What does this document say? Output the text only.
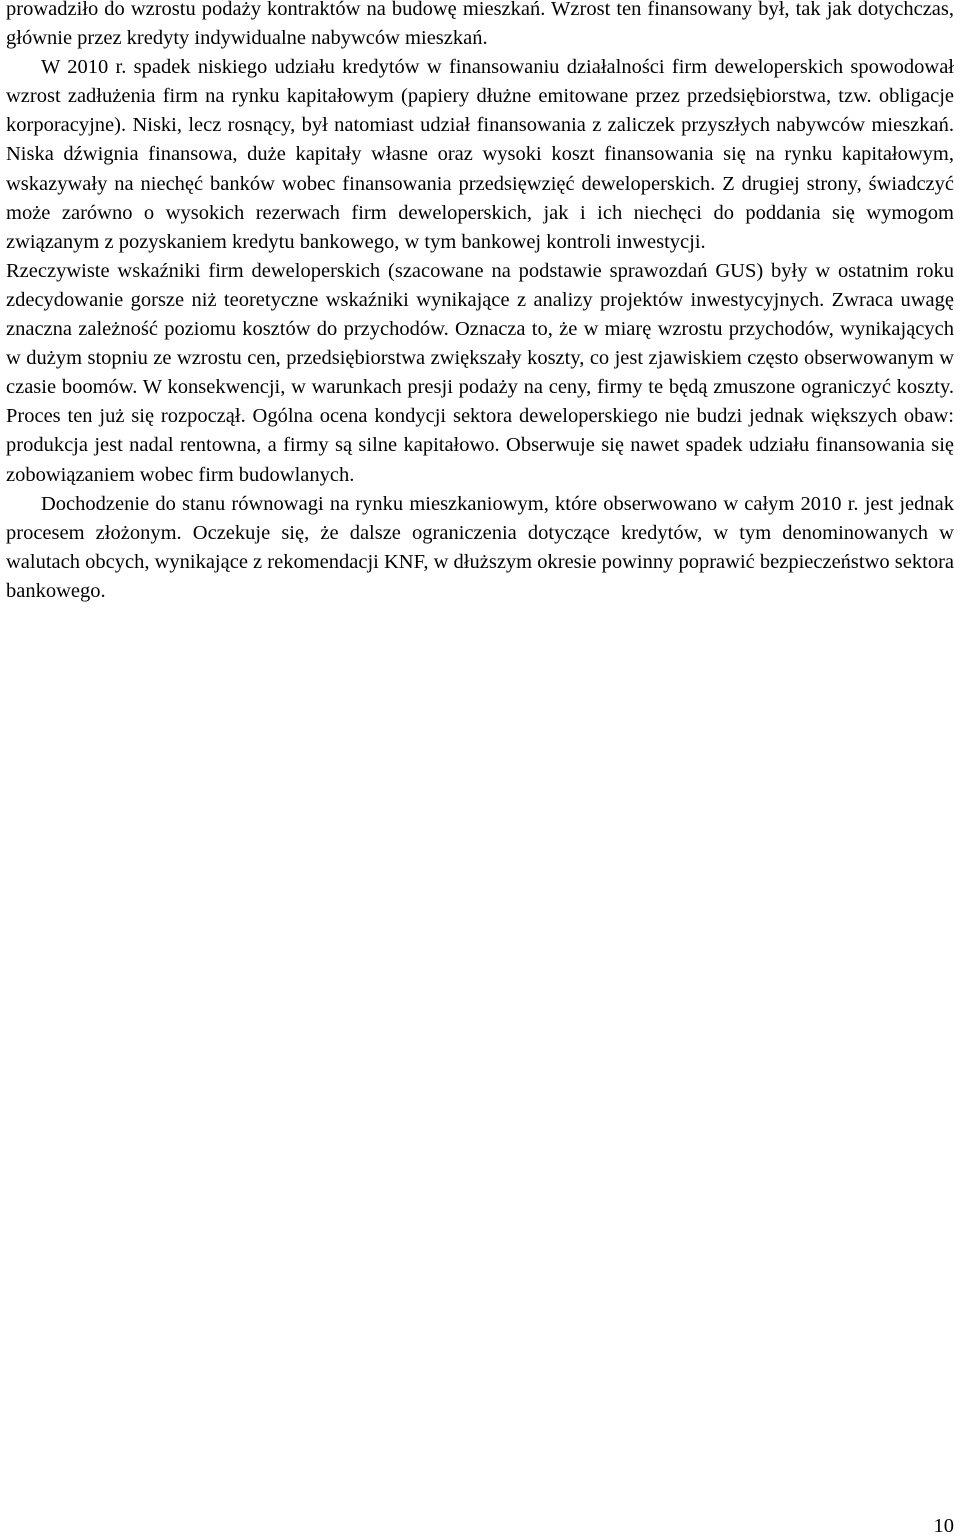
prowadziło do wzrostu podaży kontraktów na budowę mieszkań. Wzrost ten finansowany był, tak jak dotychczas, głównie przez kredyty indywidualne nabywców mieszkań.

W 2010 r. spadek niskiego udziału kredytów w finansowaniu działalności firm deweloperskich spowodował wzrost zadłużenia firm na rynku kapitałowym (papiery dłużne emitowane przez przedsiębiorstwa, tzw. obligacje korporacyjne). Niski, lecz rosnący, był natomiast udział finansowania z zaliczek przyszłych nabywców mieszkań. Niska dźwignia finansowa, duże kapitały własne oraz wysoki koszt finansowania się na rynku kapitałowym, wskazywały na niechęć banków wobec finansowania przedsięwzięć deweloperskich. Z drugiej strony, świadczyć może zarówno o wysokich rezerwach firm deweloperskich, jak i ich niechęci do poddania się wymogom związanym z pozyskaniem kredytu bankowego, w tym bankowej kontroli inwestycji.

Rzeczywiste wskaźniki firm deweloperskich (szacowane na podstawie sprawozdań GUS) były w ostatnim roku zdecydowanie gorsze niż teoretyczne wskaźniki wynikające z analizy projektów inwestycyjnych. Zwraca uwagę znaczna zależność poziomu kosztów do przychodów. Oznacza to, że w miarę wzrostu przychodów, wynikających w dużym stopniu ze wzrostu cen, przedsiębiorstwa zwiększały koszty, co jest zjawiskiem często obserwowanym w czasie boomów. W konsekwencji, w warunkach presji podaży na ceny, firmy te będą zmuszone ograniczyć koszty. Proces ten już się rozpoczął. Ogólna ocena kondycji sektora deweloperskiego nie budzi jednak większych obaw: produkcja jest nadal rentowna, a firmy są silne kapitałowo. Obserwuje się nawet spadek udziału finansowania się zobowiązaniem wobec firm budowlanych.

Dochodzenie do stanu równowagi na rynku mieszkaniowym, które obserwowano w całym 2010 r. jest jednak procesem złożonym. Oczekuje się, że dalsze ograniczenia dotyczące kredytów, w tym denominowanych w walutach obcych, wynikające z rekomendacji KNF, w dłuższym okresie powinny poprawić bezpieczeństwo sektora bankowego.

10
